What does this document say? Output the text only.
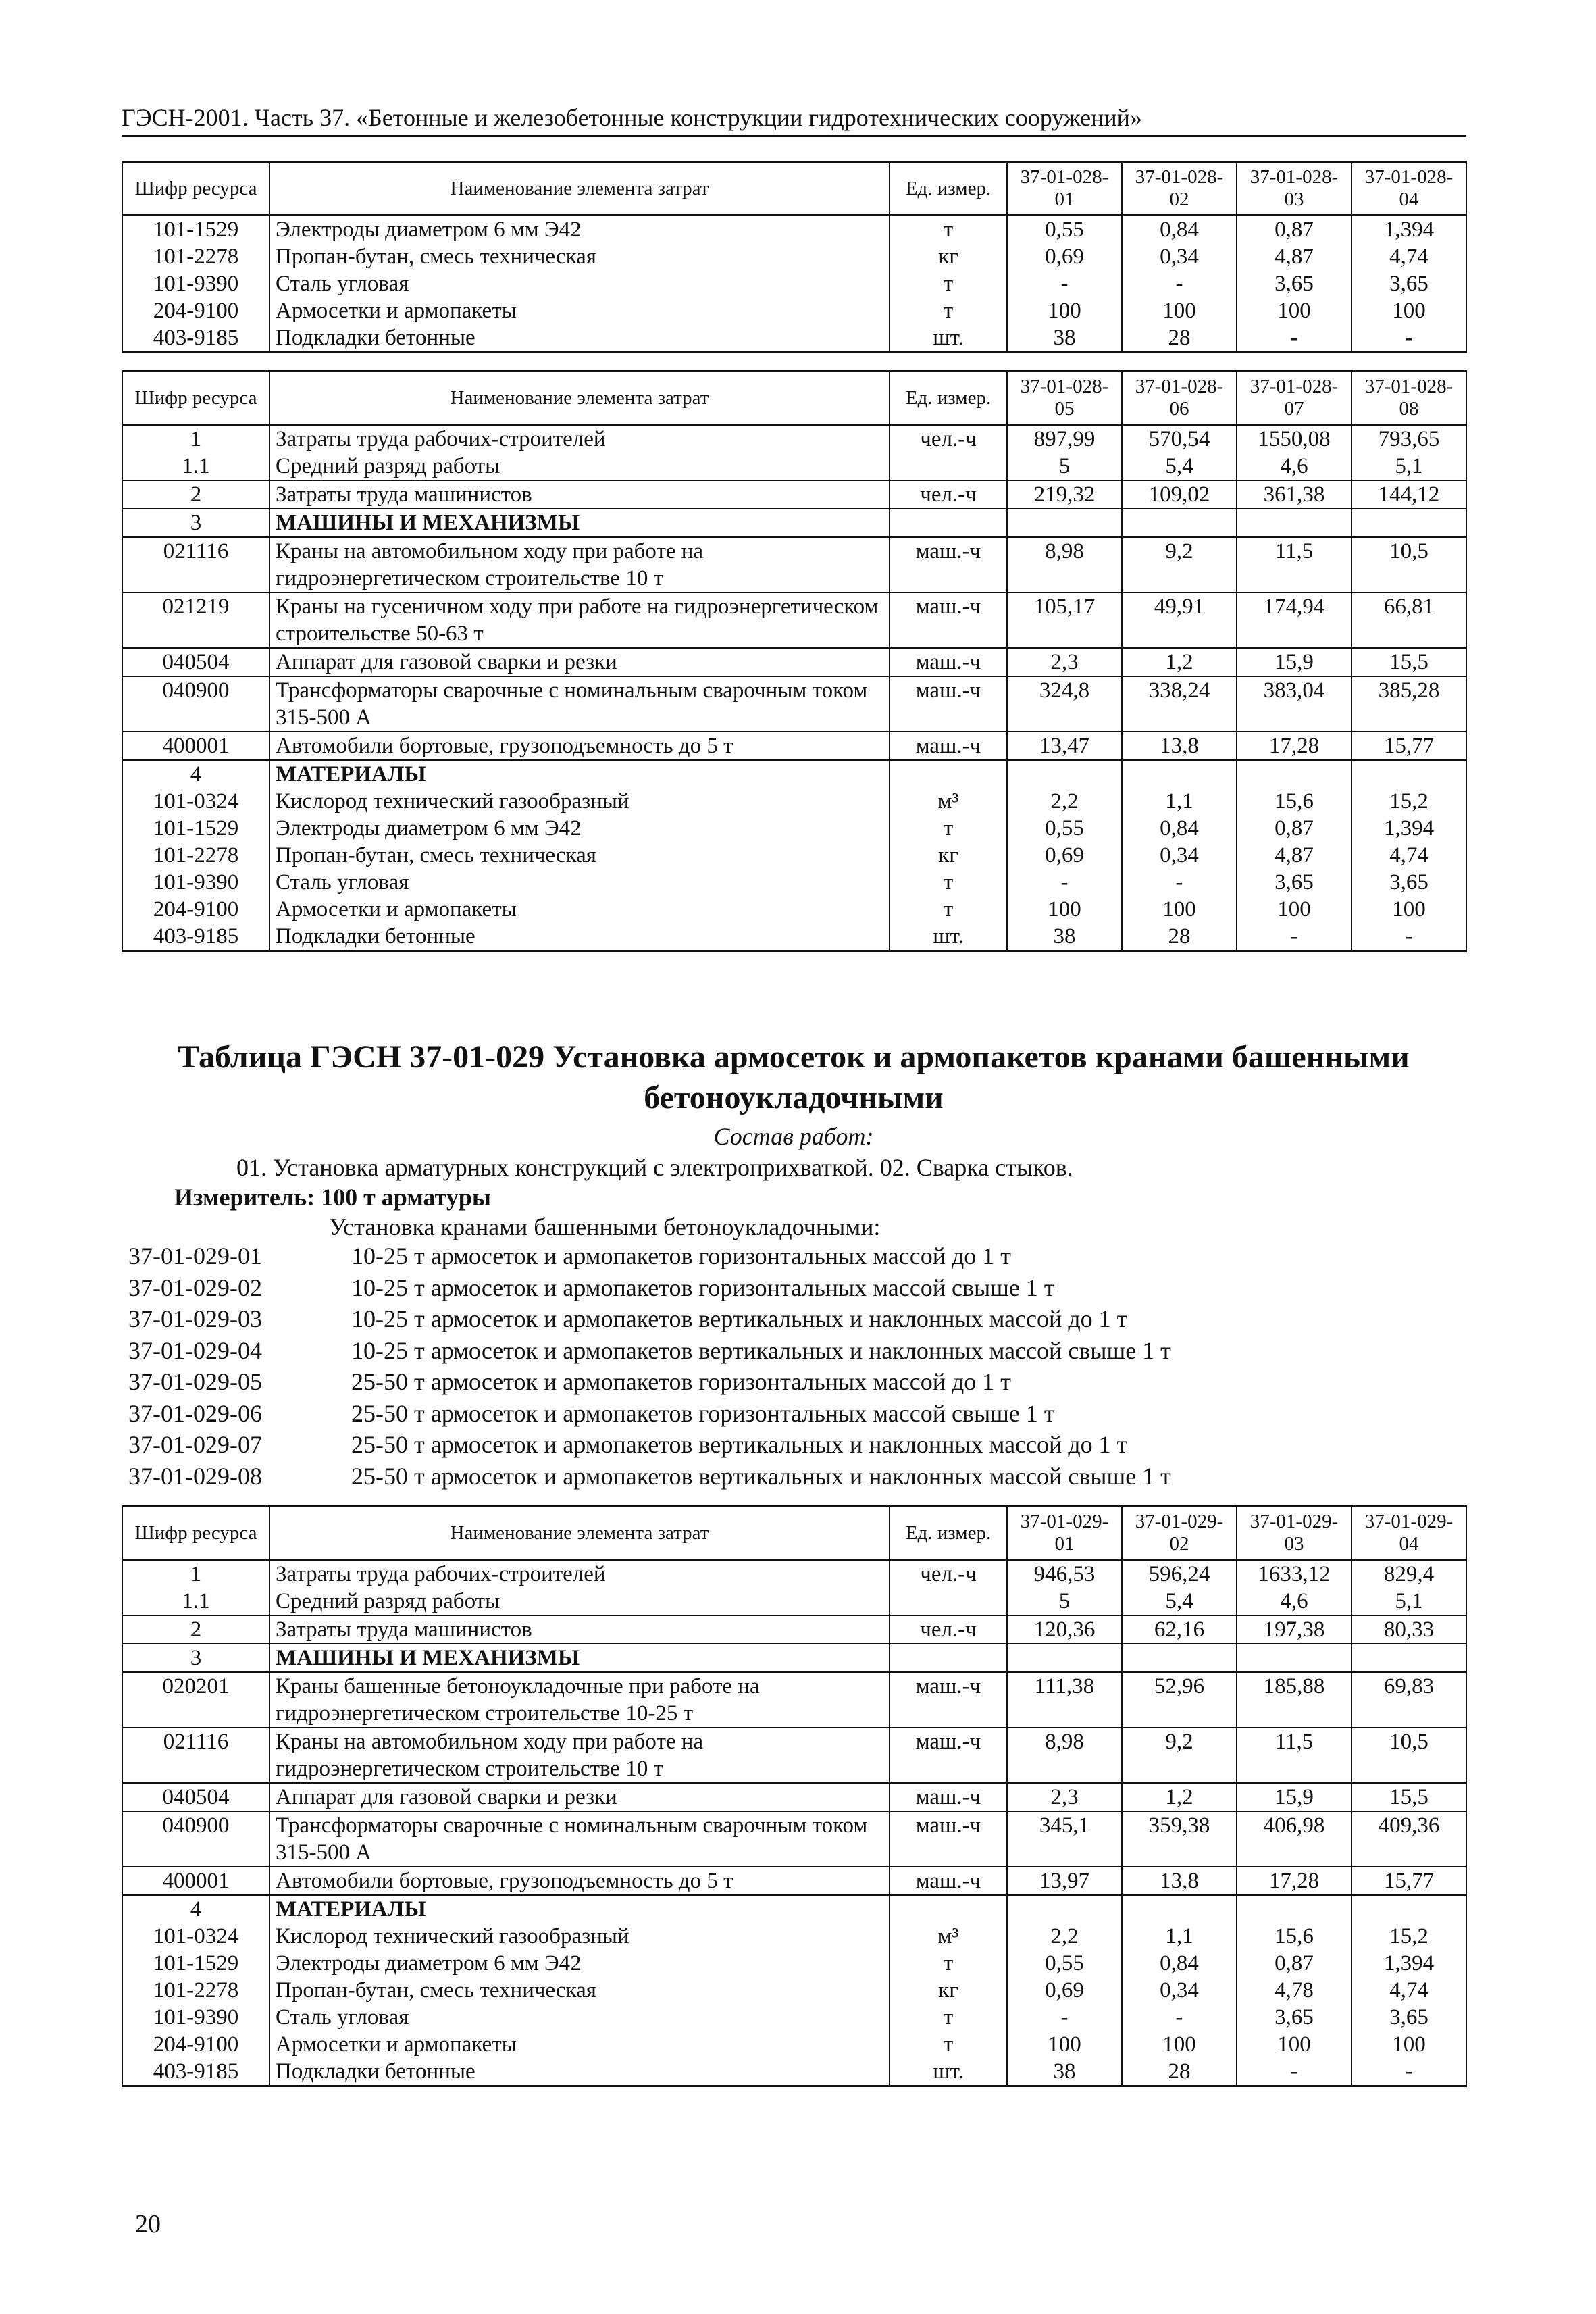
ГЭСН-2001. Часть 37. «Бетонные и железобетонные конструкции гидротехнических сооружений»
Шифр ресурса	Наименование элемента затрат	Ед. измер.	37-01-028-01	37-01-028-02	37-01-028-03	37-01-028-04
101-1529	Электроды диаметром 6 мм Э42	т	0,55	0,84	0,87	1,394
101-2278	Пропан-бутан, смесь техническая	кг	0,69	0,34	4,87	4,74
101-9390	Сталь угловая	т	-	-	3,65	3,65
204-9100	Армосетки и армопакеты	т	100	100	100	100
403-9185	Подкладки бетонные	шт.	38	28	-	-
Шифр ресурса	Наименование элемента затрат	Ед. измер.	37-01-028-05	37-01-028-06	37-01-028-07	37-01-028-08
1	Затраты труда рабочих-строителей	чел.-ч	897,99	570,54	1550,08	793,65
1.1	Средний разряд работы		5	5,4	4,6	5,1
2	Затраты труда машинистов	чел.-ч	219,32	109,02	361,38	144,12
3	МАШИНЫ И МЕХАНИЗМЫ					
021116	Краны на автомобильном ходу при работе на гидроэнергетическом строительстве 10 т	маш.-ч	8,98	9,2	11,5	10,5
021219	Краны на гусеничном ходу при работе на гидроэнергетическом строительстве 50-63 т	маш.-ч	105,17	49,91	174,94	66,81
040504	Аппарат для газовой сварки и резки	маш.-ч	2,3	1,2	15,9	15,5
040900	Трансформаторы сварочные с номинальным сварочным током 315-500 А	маш.-ч	324,8	338,24	383,04	385,28
400001	Автомобили бортовые, грузоподъемность до 5 т	маш.-ч	13,47	13,8	17,28	15,77
4	МАТЕРИАЛЫ					
101-0324	Кислород технический газообразный	м³	2,2	1,1	15,6	15,2
101-1529	Электроды диаметром 6 мм Э42	т	0,55	0,84	0,87	1,394
101-2278	Пропан-бутан, смесь техническая	кг	0,69	0,34	4,87	4,74
101-9390	Сталь угловая	т	-	-	3,65	3,65
204-9100	Армосетки и армопакеты	т	100	100	100	100
403-9185	Подкладки бетонные	шт.	38	28	-	-
Таблица ГЭСН 37-01-029 Установка армосеток и армопакетов кранами башенными бетоноукладочными
Состав работ:
01. Установка арматурных конструкций с электроприхваткой. 02. Сварка стыков.
Измеритель: 100 т арматуры
Установка кранами башенными бетоноукладочными:
37-01-029-01	10-25 т армосеток и армопакетов горизонтальных массой до 1 т
37-01-029-02	10-25 т армосеток и армопакетов горизонтальных массой свыше 1 т
37-01-029-03	10-25 т армосеток и армопакетов вертикальных и наклонных массой до 1 т
37-01-029-04	10-25 т армосеток и армопакетов вертикальных и наклонных массой свыше 1 т
37-01-029-05	25-50 т армосеток и армопакетов горизонтальных массой до 1 т
37-01-029-06	25-50 т армосеток и армопакетов горизонтальных массой свыше 1 т
37-01-029-07	25-50 т армосеток и армопакетов вертикальных и наклонных массой до 1 т
37-01-029-08	25-50 т армосеток и армопакетов вертикальных и наклонных массой свыше 1 т
Шифр ресурса	Наименование элемента затрат	Ед. измер.	37-01-029-01	37-01-029-02	37-01-029-03	37-01-029-04
1	Затраты труда рабочих-строителей	чел.-ч	946,53	596,24	1633,12	829,4
1.1	Средний разряд работы		5	5,4	4,6	5,1
2	Затраты труда машинистов	чел.-ч	120,36	62,16	197,38	80,33
3	МАШИНЫ И МЕХАНИЗМЫ					
020201	Краны башенные бетоноукладочные при работе на гидроэнергетическом строительстве 10-25 т	маш.-ч	111,38	52,96	185,88	69,83
021116	Краны на автомобильном ходу при работе на гидроэнергетическом строительстве 10 т	маш.-ч	8,98	9,2	11,5	10,5
040504	Аппарат для газовой сварки и резки	маш.-ч	2,3	1,2	15,9	15,5
040900	Трансформаторы сварочные с номинальным сварочным током 315-500 А	маш.-ч	345,1	359,38	406,98	409,36
400001	Автомобили бортовые, грузоподъемность до 5 т	маш.-ч	13,97	13,8	17,28	15,77
4	МАТЕРИАЛЫ					
101-0324	Кислород технический газообразный	м³	2,2	1,1	15,6	15,2
101-1529	Электроды диаметром 6 мм Э42	т	0,55	0,84	0,87	1,394
101-2278	Пропан-бутан, смесь техническая	кг	0,69	0,34	4,78	4,74
101-9390	Сталь угловая	т	-	-	3,65	3,65
204-9100	Армосетки и армопакеты	т	100	100	100	100
403-9185	Подкладки бетонные	шт.	38	28	-	-
20
